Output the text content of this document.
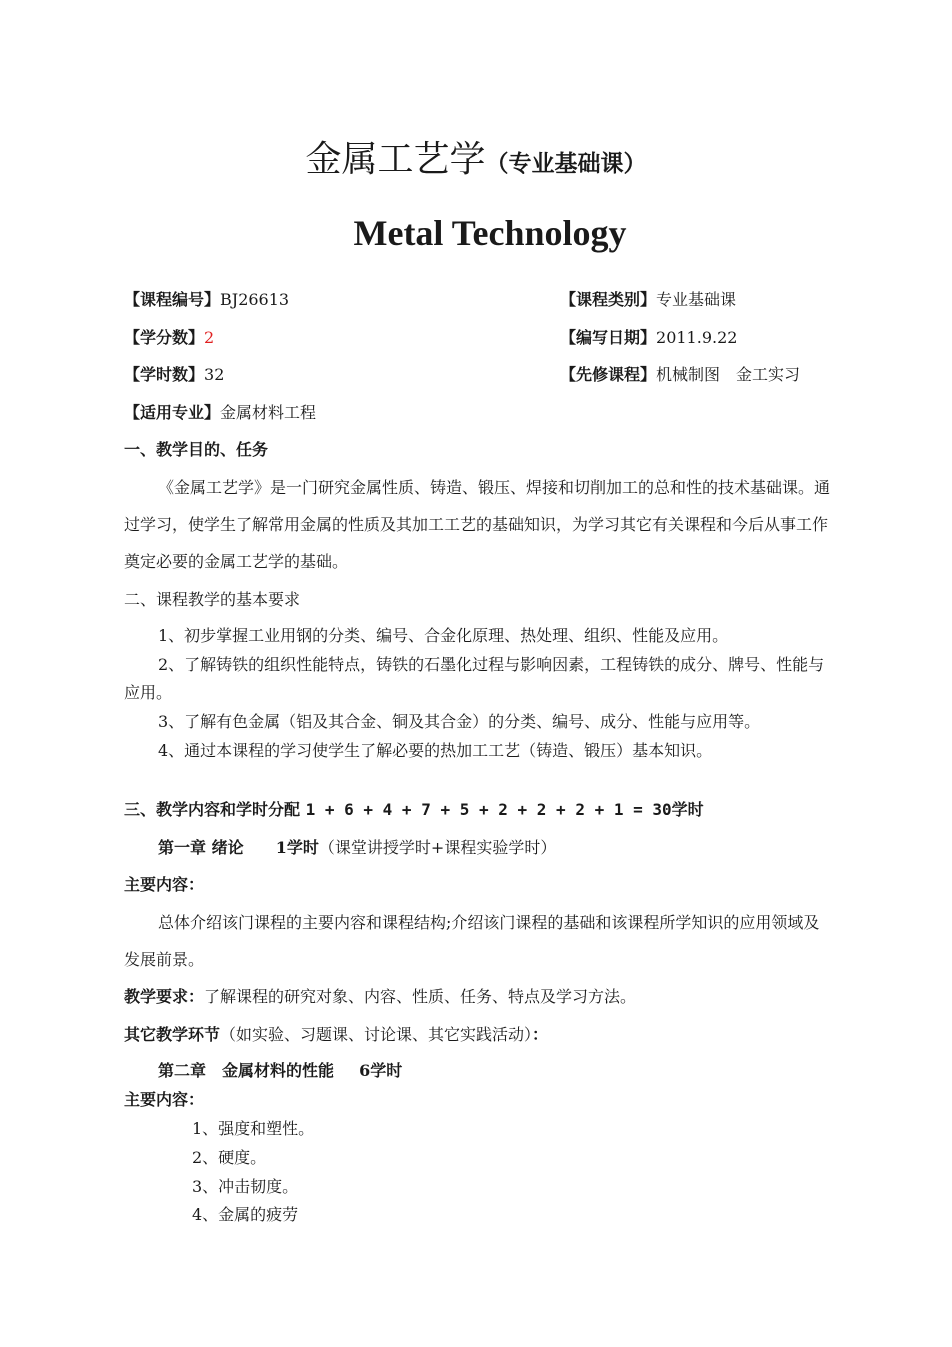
金属工艺学（专业基础课）
Metal Technology
【课程编号】BJ26613	【课程类别】专业基础课
【学分数】2	【编写日期】2011.9.22
【学时数】32	【先修课程】机械制图　金工实习
【适用专业】金属材料工程
一、教学目的、任务
《金属工艺学》是一门研究金属性质、铸造、锻压、焊接和切削加工的总和性的技术基础课。通
过学习，使学生了解常用金属的性质及其加工工艺的基础知识，为学习其它有关课程和今后从事工作
奠定必要的金属工艺学的基础。
二、课程教学的基本要求
1、初步掌握工业用钢的分类、编号、合金化原理、热处理、组织、性能及应用。
2、了解铸铁的组织性能特点，铸铁的石墨化过程与影响因素，工程铸铁的成分、牌号、性能与
应用。
3、了解有色金属（铝及其合金、铜及其合金）的分类、编号、成分、性能与应用等。
4、通过本课程的学习使学生了解必要的热加工工艺（铸造、锻压）基本知识。
三、教学内容和学时分配 1 + 6 + 4 + 7 + 5 + 2 + 2 + 2 + 1 = 30学时
第一章 绪论 1学时（课堂讲授学时+课程实验学时）
主要内容：
总体介绍该门课程的主要内容和课程结构;介绍该门课程的基础和该课程所学知识的应用领域及
发展前景。
教学要求：了解课程的研究对象、内容、性质、任务、特点及学习方法。
其它教学环节（如实验、习题课、讨论课、其它实践活动）：
第二章　金属材料的性能 6学时
主要内容：
1、强度和塑性。
2、硬度。
3、冲击韧度。
4、金属的疲劳
